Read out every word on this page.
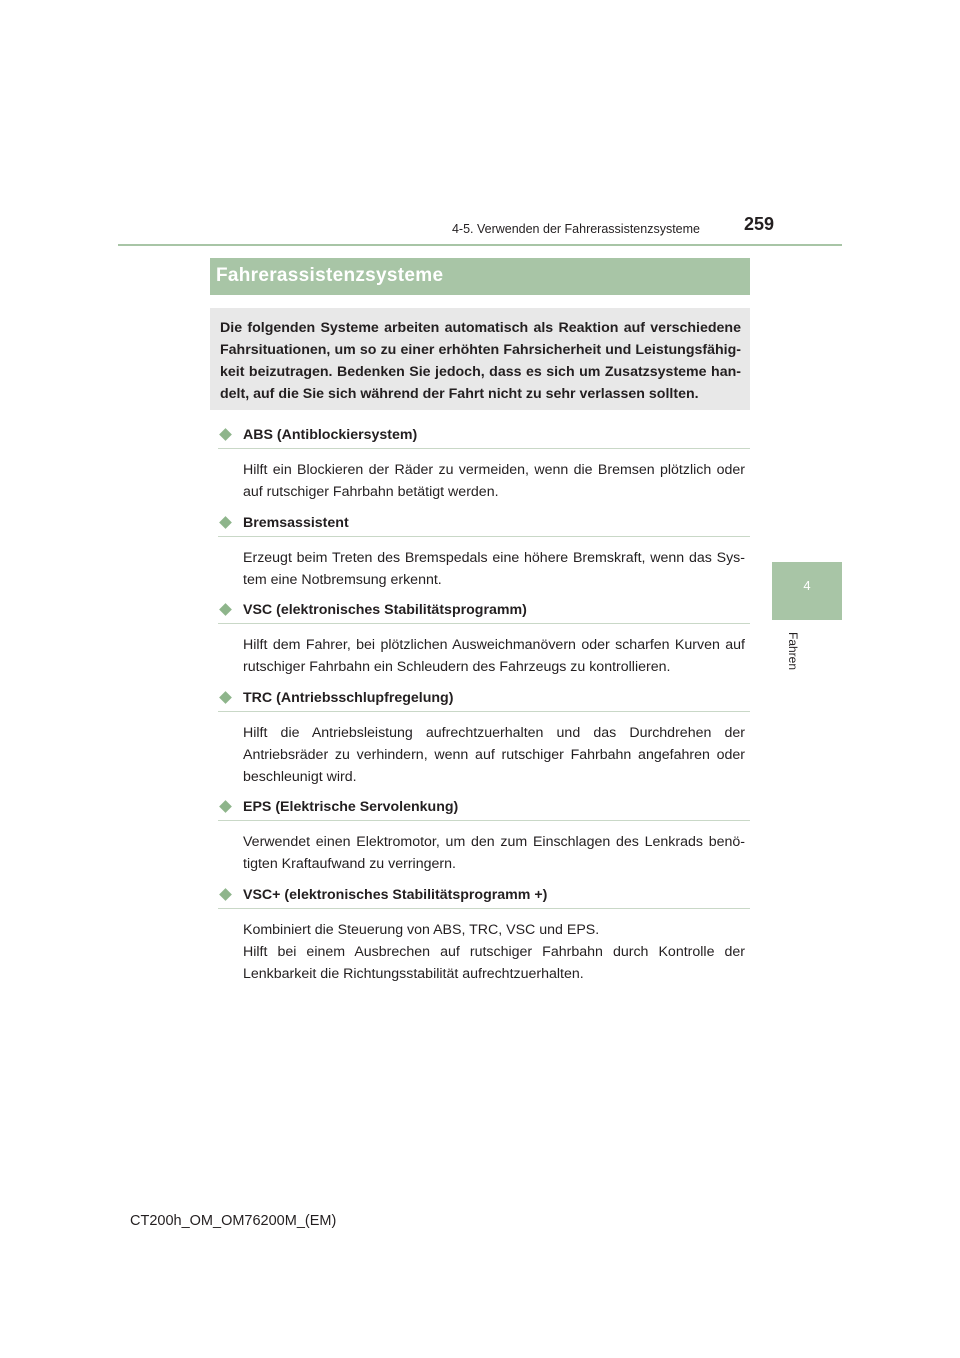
4-5. Verwenden der Fahrerassistenzsysteme	259
4
Fahren
Fahrerassistenzsysteme

Die folgenden Systeme arbeiten automatisch als Reaktion auf verschiedene Fahrsituationen, um so zu einer erhöhten Fahrsicherheit und Leistungsfähig-keit beizutragen. Bedenken Sie jedoch, dass es sich um Zusatzsysteme han-delt, auf die Sie sich während der Fahrt nicht zu sehr verlassen sollten.

ABS (Antiblockiersystem)

Hilft ein Blockieren der Räder zu vermeiden, wenn die Bremsen plötzlich oder auf rutschiger Fahrbahn betätigt werden.

Bremsassistent

Erzeugt beim Treten des Bremspedals eine höhere Bremskraft, wenn das Sys-tem eine Notbremsung erkennt.

VSC (elektronisches Stabilitätsprogramm)

Hilft dem Fahrer, bei plötzlichen Ausweichmanövern oder scharfen Kurven auf rutschiger Fahrbahn ein Schleudern des Fahrzeugs zu kontrollieren.

TRC (Antriebsschlupfregelung)

Hilft die Antriebsleistung aufrechtzuerhalten und das Durchdrehen der Antriebsräder zu verhindern, wenn auf rutschiger Fahrbahn angefahren oder beschleunigt wird.

EPS (Elektrische Servolenkung)

Verwendet einen Elektromotor, um den zum Einschlagen des Lenkrads benö-tigten Kraftaufwand zu verringern.

VSC+ (elektronisches Stabilitätsprogramm +)

Kombiniert die Steuerung von ABS, TRC, VSC und EPS.

Hilft bei einem Ausbrechen auf rutschiger Fahrbahn durch Kontrolle der Lenkbarkeit die Richtungsstabilität aufrechtzuerhalten.

CT200h_OM_OM76200M_(EM)
